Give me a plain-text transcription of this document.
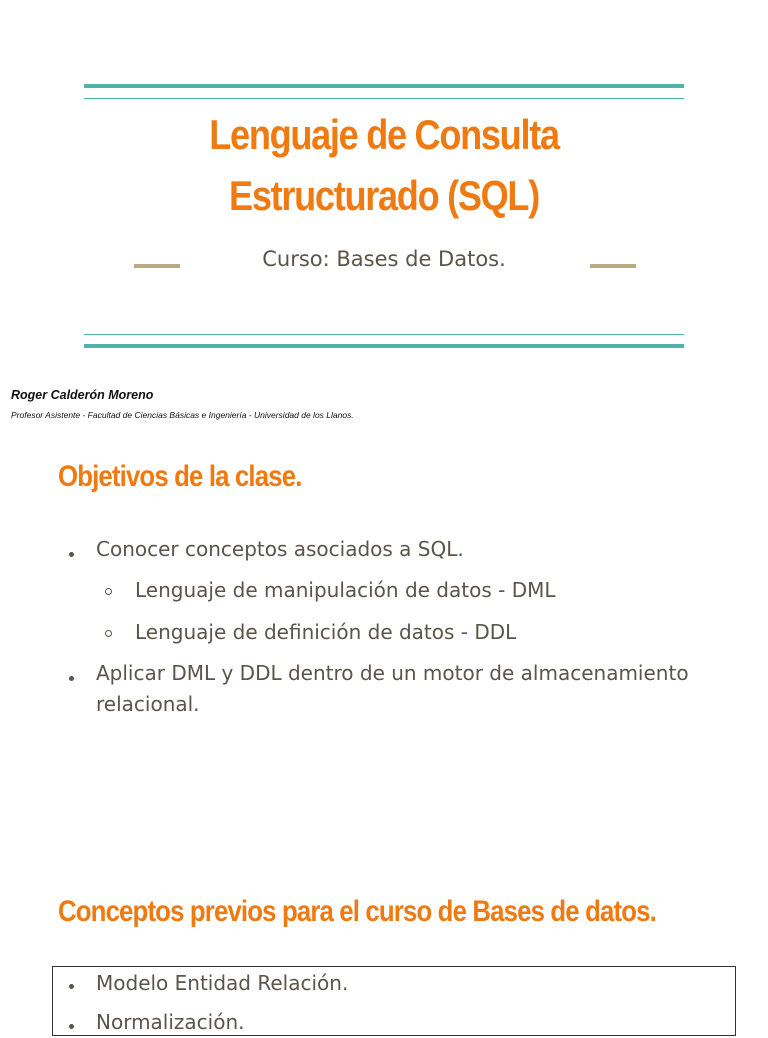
Lenguaje de Consulta
Estructurado (SQL)
Curso: Bases de Datos.
Roger Calderón Moreno
Profesor Asistente - Facultad de Ciencias Básicas e Ingeniería - Universidad de los Llanos.
Objetivos de la clase.
Conocer conceptos asociados a SQL.
Lenguaje de manipulación de datos - DML
Lenguaje de definición de datos - DDL
Aplicar DML y DDL dentro de un motor de almacenamiento
relacional.
Conceptos previos para el curso de Bases de datos.
Modelo Entidad Relación.
Normalización.
